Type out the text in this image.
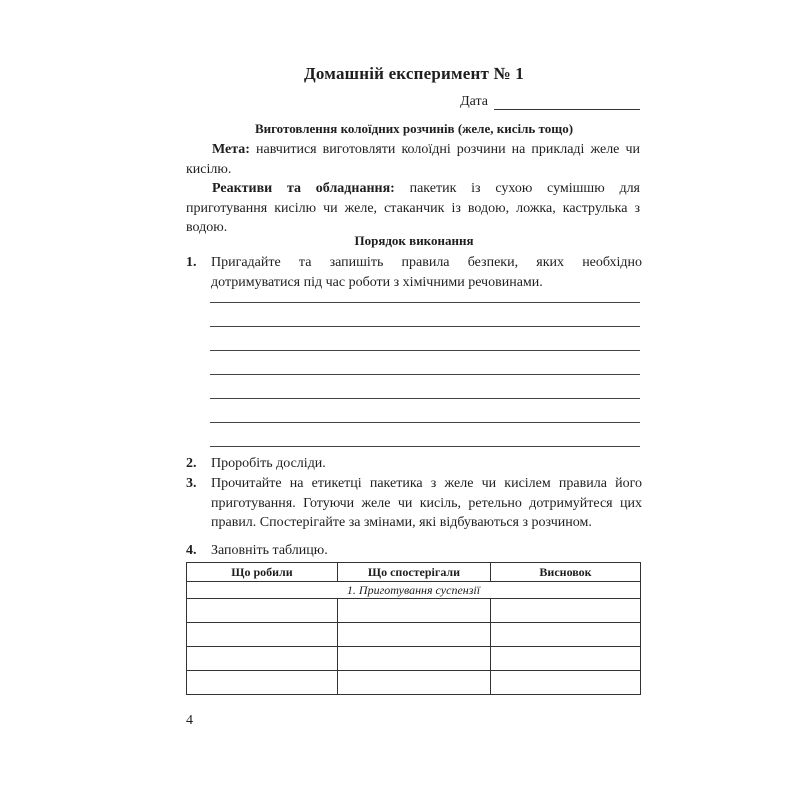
Домашній експеримент № 1
Дата
Виготовлення колоїдних розчинів (желе, кисіль тощо)
Мета: навчитися виготовляти колоїдні розчини на прикладі желе чи кисілю.
Реактиви та обладнання: пакетик із сухою сумішшю для приготування кисілю чи желе, стаканчик із водою, ложка, каструлька з водою.
Порядок виконання
1.	Пригадайте та запишіть правила безпеки, яких необхідно дотримуватися під час роботи з хімічними речовинами.
2.	Проробіть досліди.
3.	Прочитайте на етикетці пакетика з желе чи кисілем правила його приготування. Готуючи желе чи кисіль, ретельно дотримуйтеся цих правил. Спостерігайте за змінами, які відбуваються з розчином.
4.	Заповніть таблицю.
Що робили	Що спостерігали	Висновок
1. Приготування суспензії		

4
